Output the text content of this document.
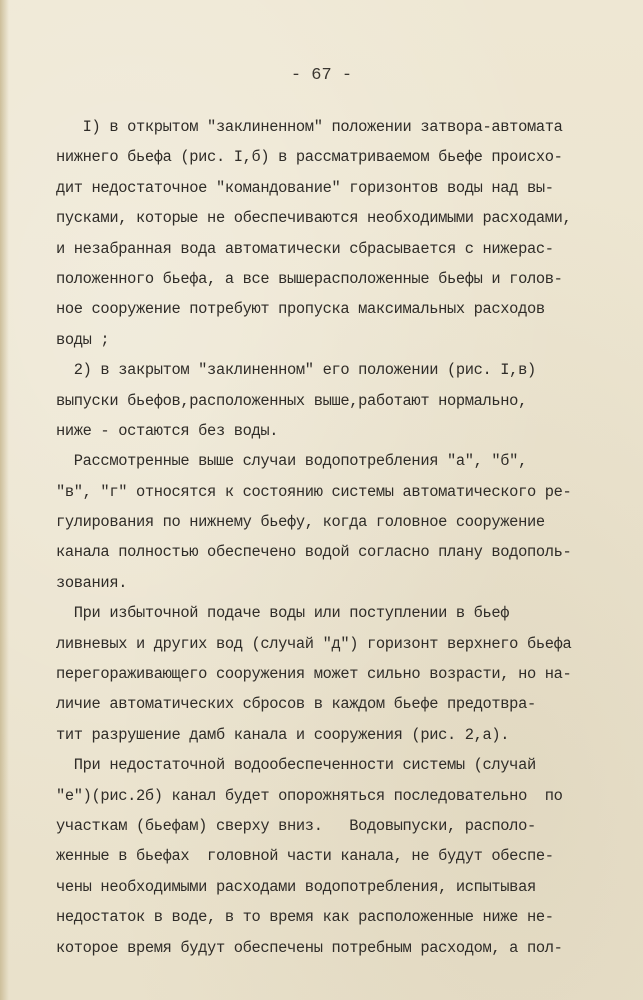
- 67 -
I) в открытом "заклиненном" положении затвора-автомата
нижнего бьефа (рис. I,б) в рассматриваемом бьефе происхо-
дит недостаточное "командование" горизонтов воды над вы-
пусками, которые не обеспечиваются необходимыми расходами,
и незабранная вода автоматически сбрасывается с нижерас-
положенного бьефа, а все вышерасположенные бьефы и голов-
ное сооружение потребуют пропуска максимальных расходов
воды ;
2) в закрытом "заклиненном" его положении (рис. I,в)
выпуски бьефов,расположенных выше,работают нормально,
ниже - остаются без воды.
Рассмотренные выше случаи водопотребления "а", "б",
"в", "г" относятся к состоянию системы автоматического ре-
гулирования по нижнему бьефу, когда головное сооружение
канала полностью обеспечено водой согласно плану водополь-
зования.
При избыточной подаче воды или поступлении в бьеф
ливневых и других вод (случай "д") горизонт верхнего бьефа
перегораживающего сооружения может сильно возрасти, но на-
личие автоматических сбросов в каждом бьефе предотвра-
тит разрушение дамб канала и сооружения (рис. 2,а).
При недостаточной водообеспеченности системы (случай
"е")(рис.2б) канал будет опорожняться последовательно  по
участкам (бьефам) сверху вниз.   Водовыпуски, располо-
женные в бьефах  головной части канала, не будут обеспе-
чены необходимыми расходами водопотребления, испытывая
недостаток в воде, в то время как расположенные ниже не-
которое время будут обеспечены потребным расходом, а пол-
